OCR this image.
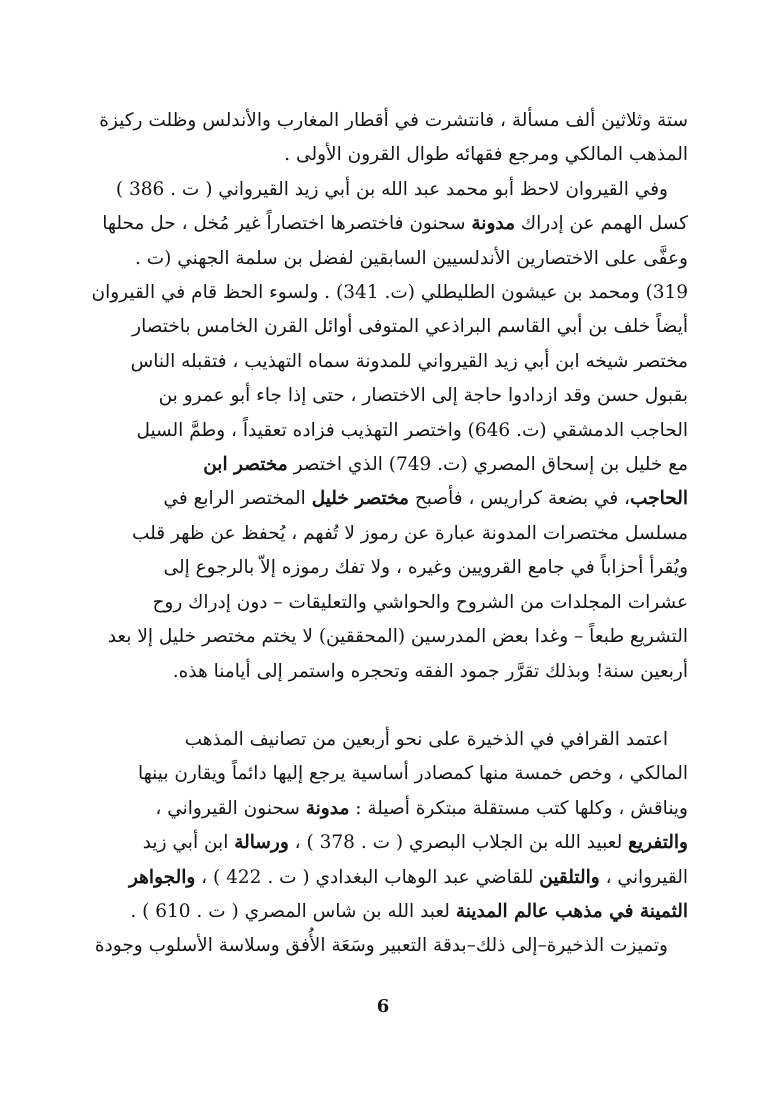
ستة وثلاثين ألف مسألة ، فانتشرت في أقطار المغارب والأندلس وظلت ركيزة
المذهب المالكي ومرجع فقهائه طوال القرون الأولى .

وفي القيروان لاحظ أبو محمد عبد الله بن أبي زيد القيرواني ( ت . 386 )
كسل الهمم عن إدراك مدونة سحنون فاختصرها اختصاراً غير مُخل ، حل محلها
وعفَّى على الاختصارين الأندلسيين السابقين لفضل بن سلمة الجهني (ت .
319) ومحمد بن عيشون الطليطلي (ت. 341) . ولسوء الحظ قام في القيروان
أيضاً خلف بن أبي القاسم البراذعي المتوفى أوائل القرن الخامس باختصار
مختصر شيخه ابن أبي زيد القيرواني للمدونة سماه التهذيب ، فتقبله الناس
بقبول حسن وقد ازدادوا حاجة إلى الاختصار ، حتى إذا جاء أبو عمرو بن
الحاجب الدمشقي (ت. 646) واختصر التهذيب فزاده تعقيداً ، وطمَّ السيل
مع خليل بن إسحاق المصري (ت. 749) الذي اختصر مختصر ابن
الحاجب، في بضعة كراريس ، فأصبح مختصر خليل المختصر الرابع في
مسلسل مختصرات المدونة عبارة عن رموز لا تُفهم ، يُحفظ عن ظهر قلب
ويُقرأ أحزاباً في جامع القرويين وغيره ، ولا تفك رموزه إلاّ بالرجوع إلى
عشرات المجلدات من الشروح والحواشي والتعليقات – دون إدراك روح
التشريع طبعاً – وغدا بعض المدرسين (المحققين) لا يختم مختصر خليل إلا بعد
أربعين سنة! وبذلك تقرَّر جمود الفقه وتحجره واستمر إلى أيامنا هذه.

اعتمد القرافي في الذخيرة على نحو أربعين من تصانيف المذهب
المالكي ، وخص خمسة منها كمصادر أساسية يرجع إليها دائماً ويقارن بينها
ويناقش ، وكلها كتب مستقلة مبتكرة أصيلة : مدونة سحنون القيرواني ،
والتفريع لعبيد الله بن الجلاب البصري ( ت . 378 ) ، ورسالة ابن أبي زيد
القيرواني ، والتلقين للقاضي عبد الوهاب البغدادي ( ت . 422 ) ، والجواهر
الثمينة في مذهب عالم المدينة لعبد الله بن شاس المصري ( ت . 610 ) .

وتميزت الذخيرة–إلى ذلك–بدقة التعبير وسَعَة الأُفق وسلاسة الأسلوب وجودة

6
